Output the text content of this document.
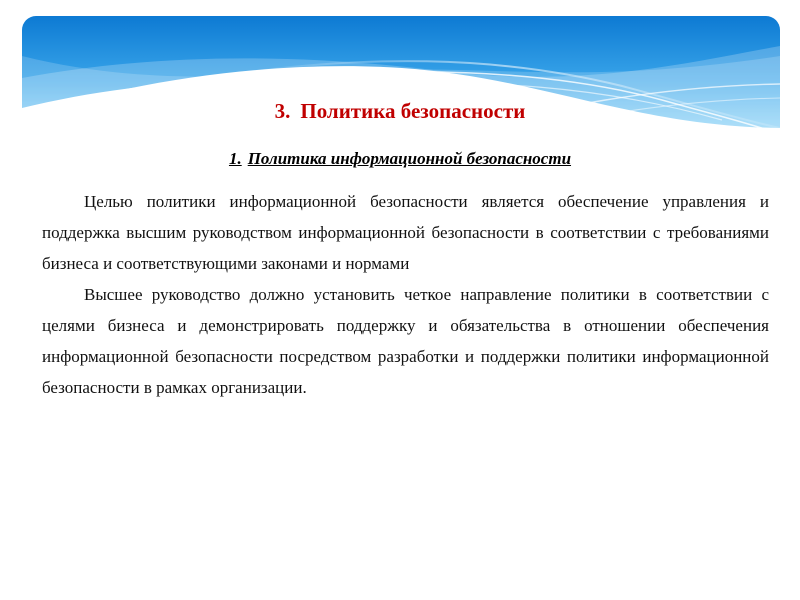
3. Политика безопасности
1. Политика информационной безопасности

Целью политики информационной безопасности является обеспечение управления и поддержка высшим руководством информационной безопасности в соответствии с требованиями бизнеса и соответствующими законами и нормами

Высшее руководство должно установить четкое направление политики в соответствии с целями бизнеса и демонстрировать поддержку и обязательства в отношении обеспечения информационной безопасности посредством разработки и поддержки политики информационной безопасности в рамках организации.
